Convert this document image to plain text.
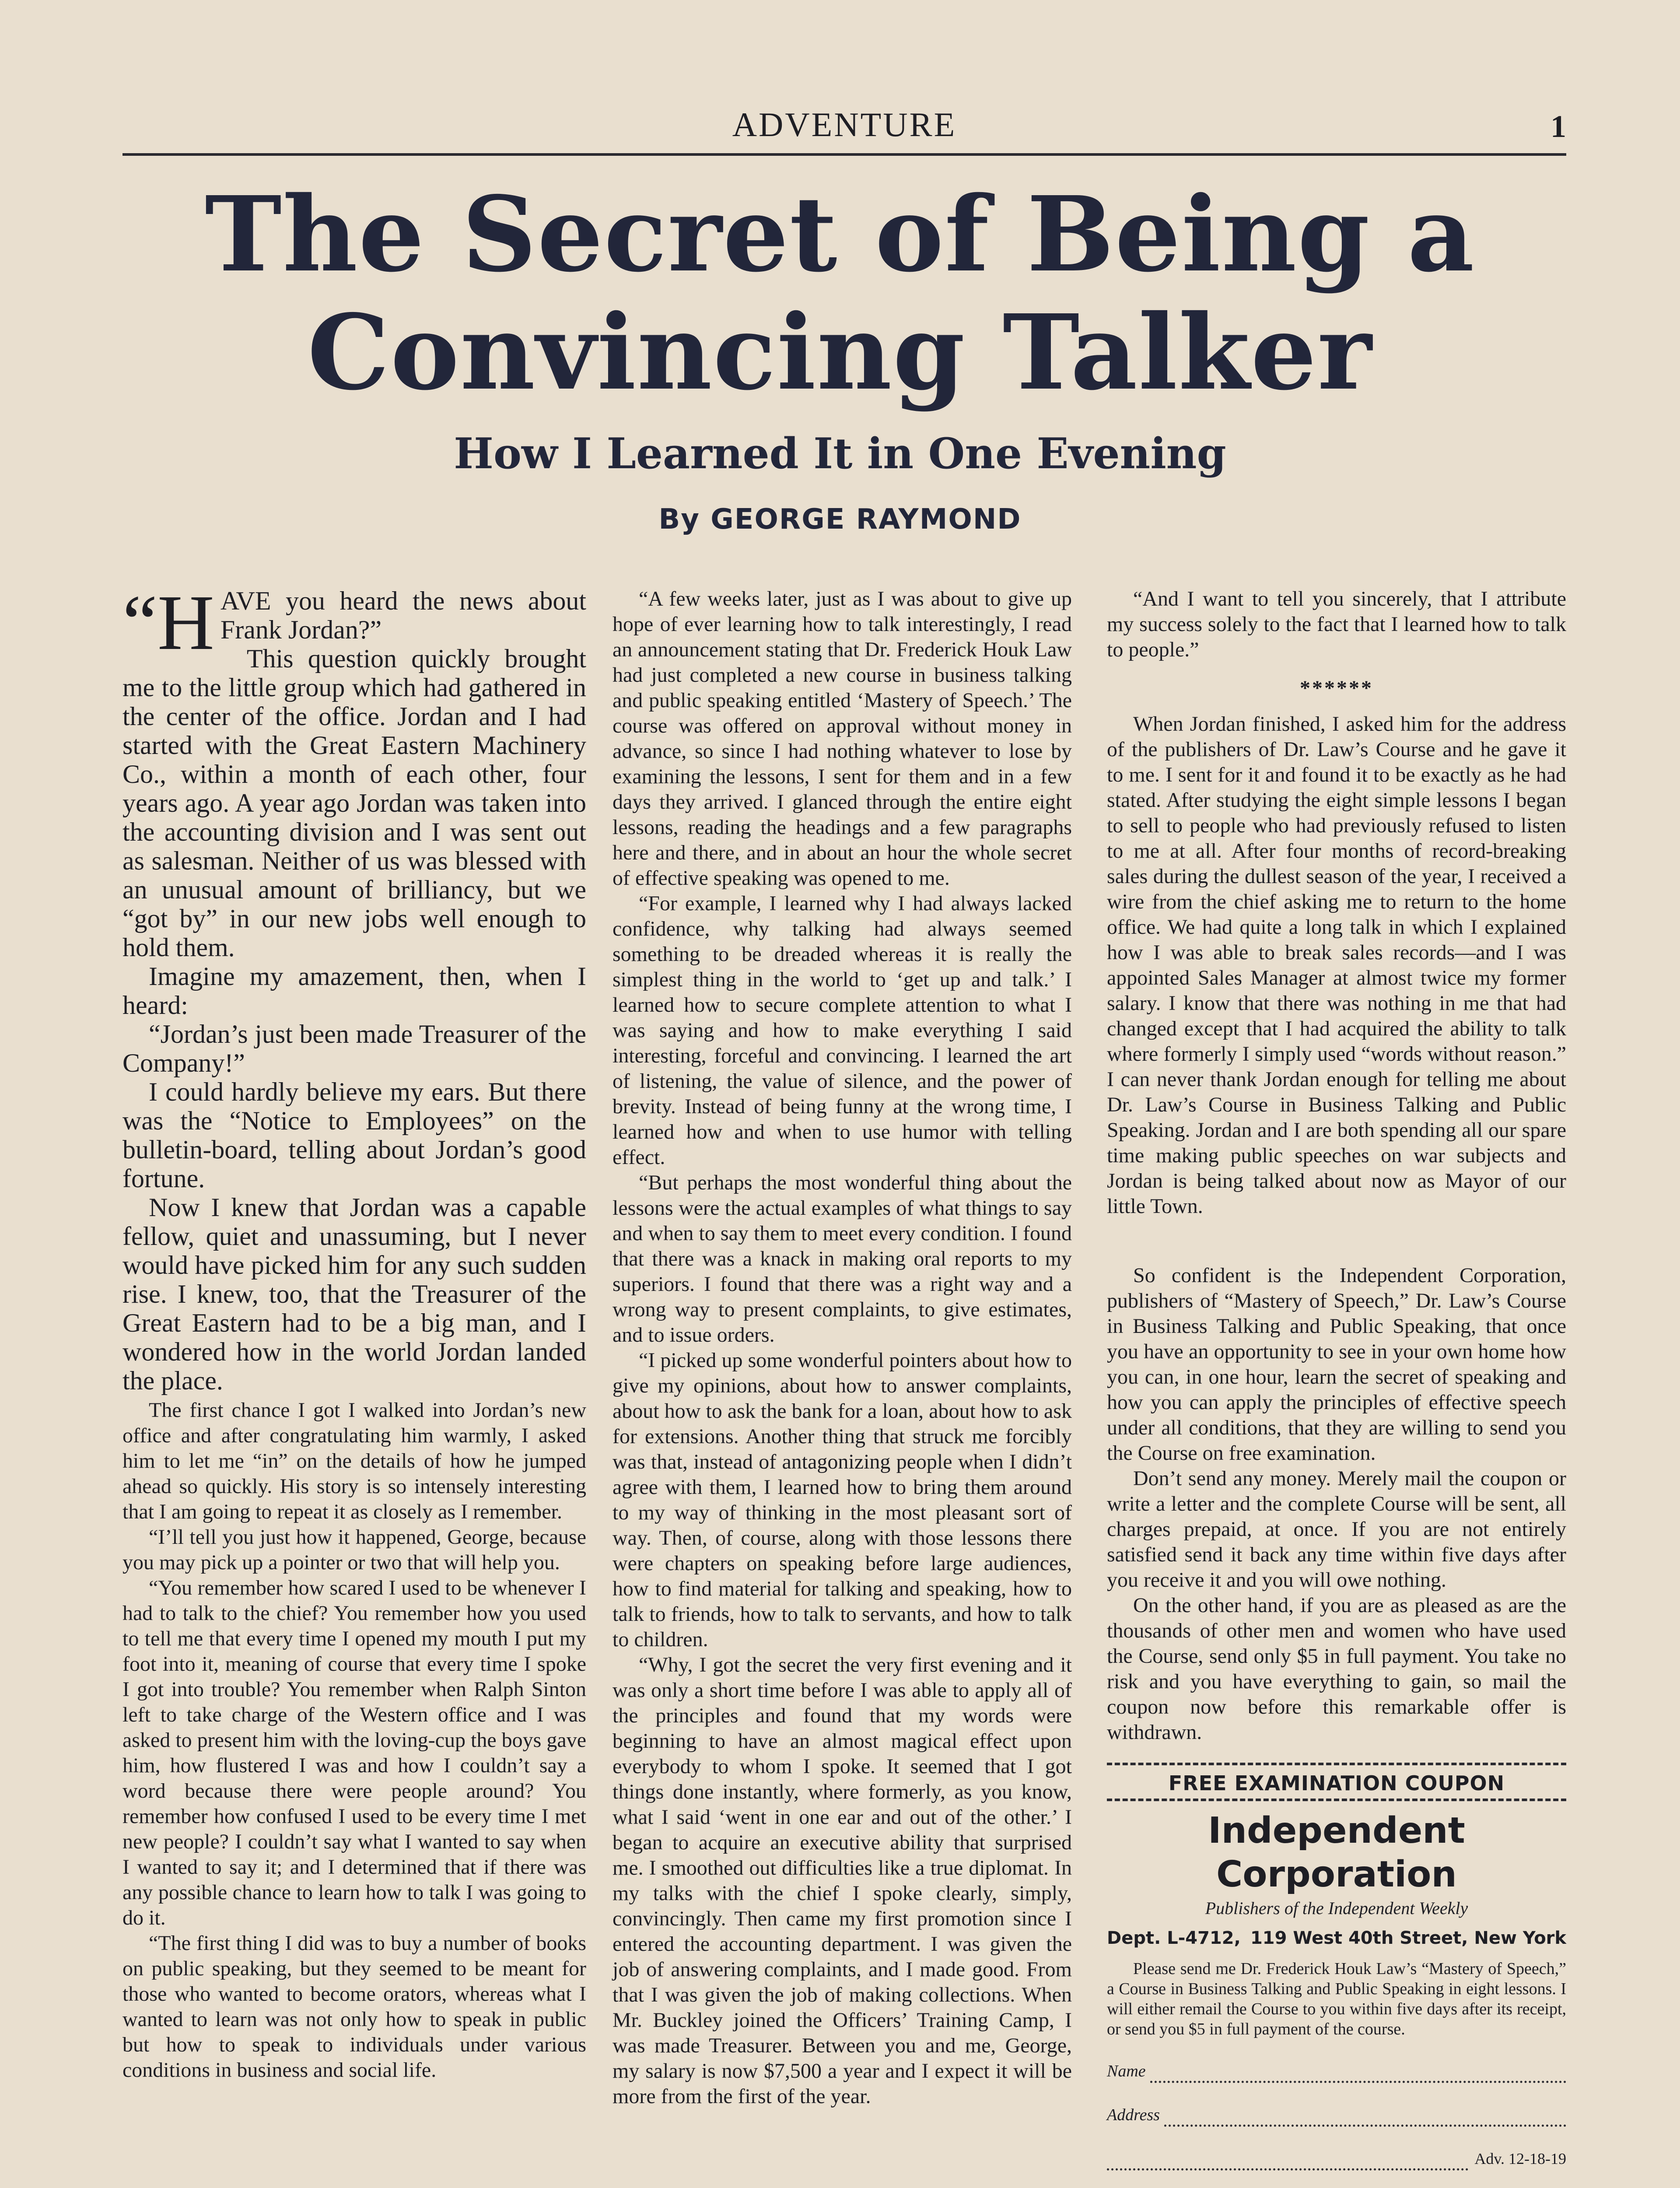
ADVENTURE	1
The Secret of Being a
Convincing Talker
How I Learned It in One Evening
By GEORGE RAYMOND

“HAVE you heard the news about Frank Jordan?”

This question quickly brought me to the little group which had gathered in the center of the office. Jordan and I had started with the Great Eastern Machinery Co., within a month of each other, four years ago. A year ago Jordan was taken into the accounting division and I was sent out as salesman. Neither of us was blessed with an unusual amount of brilliancy, but we “got by” in our new jobs well enough to hold them.

Imagine my amazement, then, when I heard:

“Jordan’s just been made Treasurer of the Company!”

I could hardly believe my ears. But there was the “Notice to Employees” on the bulletin-board, telling about Jordan’s good fortune.

Now I knew that Jordan was a capable fellow, quiet and unassuming, but I never would have picked him for any such sudden rise. I knew, too, that the Treasurer of the Great Eastern had to be a big man, and I wondered how in the world Jordan landed the place.

The first chance I got I walked into Jordan’s new office and after congratulating him warmly, I asked him to let me “in” on the details of how he jumped ahead so quickly. His story is so intensely interesting that I am going to repeat it as closely as I remember.

“I’ll tell you just how it happened, George, because you may pick up a pointer or two that will help you.

“You remember how scared I used to be whenever I had to talk to the chief? You remember how you used to tell me that every time I opened my mouth I put my foot into it, meaning of course that every time I spoke I got into trouble? You remember when Ralph Sinton left to take charge of the Western office and I was asked to present him with the loving-cup the boys gave him, how flustered I was and how I couldn’t say a word because there were people around? You remember how confused I used to be every time I met new people? I couldn’t say what I wanted to say when I wanted to say it; and I determined that if there was any possible chance to learn how to talk I was going to do it.

“The first thing I did was to buy a number of books on public speaking, but they seemed to be meant for those who wanted to become orators, whereas what I wanted to learn was not only how to speak in public but how to speak to individuals under various conditions in business and social life.

“A few weeks later, just as I was about to give up hope of ever learning how to talk interestingly, I read an announcement stating that Dr. Frederick Houk Law had just completed a new course in business talking and public speaking entitled ‘Mastery of Speech.’ The course was offered on approval without money in advance, so since I had nothing whatever to lose by examining the lessons, I sent for them and in a few days they arrived. I glanced through the entire eight lessons, reading the headings and a few paragraphs here and there, and in about an hour the whole secret of effective speaking was opened to me.

“For example, I learned why I had always lacked confidence, why talking had always seemed something to be dreaded whereas it is really the simplest thing in the world to ‘get up and talk.’ I learned how to secure complete attention to what I was saying and how to make everything I said interesting, forceful and convincing. I learned the art of listening, the value of silence, and the power of brevity. Instead of being funny at the wrong time, I learned how and when to use humor with telling effect.

“But perhaps the most wonderful thing about the lessons were the actual examples of what things to say and when to say them to meet every condition. I found that there was a knack in making oral reports to my superiors. I found that there was a right way and a wrong way to present complaints, to give estimates, and to issue orders.

“I picked up some wonderful pointers about how to give my opinions, about how to answer complaints, about how to ask the bank for a loan, about how to ask for extensions. Another thing that struck me forcibly was that, instead of antagonizing people when I didn’t agree with them, I learned how to bring them around to my way of thinking in the most pleasant sort of way. Then, of course, along with those lessons there were chapters on speaking before large audiences, how to find material for talking and speaking, how to talk to friends, how to talk to servants, and how to talk to children.

“Why, I got the secret the very first evening and it was only a short time before I was able to apply all of the principles and found that my words were beginning to have an almost magical effect upon everybody to whom I spoke. It seemed that I got things done instantly, where formerly, as you know, what I said ‘went in one ear and out of the other.’ I began to acquire an executive ability that surprised me. I smoothed out difficulties like a true diplomat. In my talks with the chief I spoke clearly, simply, convincingly. Then came my first promotion since I entered the accounting department. I was given the job of answering complaints, and I made good. From that I was given the job of making collections. When Mr. Buckley joined the Officers’ Training Camp, I was made Treasurer. Between you and me, George, my salary is now $7,500 a year and I expect it will be more from the first of the year.

“And I want to tell you sincerely, that I attribute my success solely to the fact that I learned how to talk to people.”

******

When Jordan finished, I asked him for the address of the publishers of Dr. Law’s Course and he gave it to me. I sent for it and found it to be exactly as he had stated. After studying the eight simple lessons I began to sell to people who had previously refused to listen to me at all. After four months of record-breaking sales during the dullest season of the year, I received a wire from the chief asking me to return to the home office. We had quite a long talk in which I explained how I was able to break sales records—and I was appointed Sales Manager at almost twice my former salary. I know that there was nothing in me that had changed except that I had acquired the ability to talk where formerly I simply used “words without reason.” I can never thank Jordan enough for telling me about Dr. Law’s Course in Business Talking and Public Speaking. Jordan and I are both spending all our spare time making public speeches on war subjects and Jordan is being talked about now as Mayor of our little Town.

So confident is the Independent Corporation, publishers of “Mastery of Speech,” Dr. Law’s Course in Business Talking and Public Speaking, that once you have an opportunity to see in your own home how you can, in one hour, learn the secret of speaking and how you can apply the principles of effective speech under all conditions, that they are willing to send you the Course on free examination.

Don’t send any money. Merely mail the coupon or write a letter and the complete Course will be sent, all charges prepaid, at once. If you are not entirely satisfied send it back any time within five days after you receive it and you will owe nothing.

On the other hand, if you are as pleased as are the thousands of other men and women who have used the Course, send only $5 in full payment. You take no risk and you have everything to gain, so mail the coupon now before this remarkable offer is withdrawn.

FREE EXAMINATION COUPON
Independent Corporation
Publishers of the Independent Weekly
Dept. L-4712, 119 West 40th Street, New York

Please send me Dr. Frederick Houk Law’s “Mastery of Speech,” a Course in Business Talking and Public Speaking in eight lessons. I will either remail the Course to you within five days after its receipt, or send you $5 in full payment of the course.

Name
Address
Adv. 12-18-19
